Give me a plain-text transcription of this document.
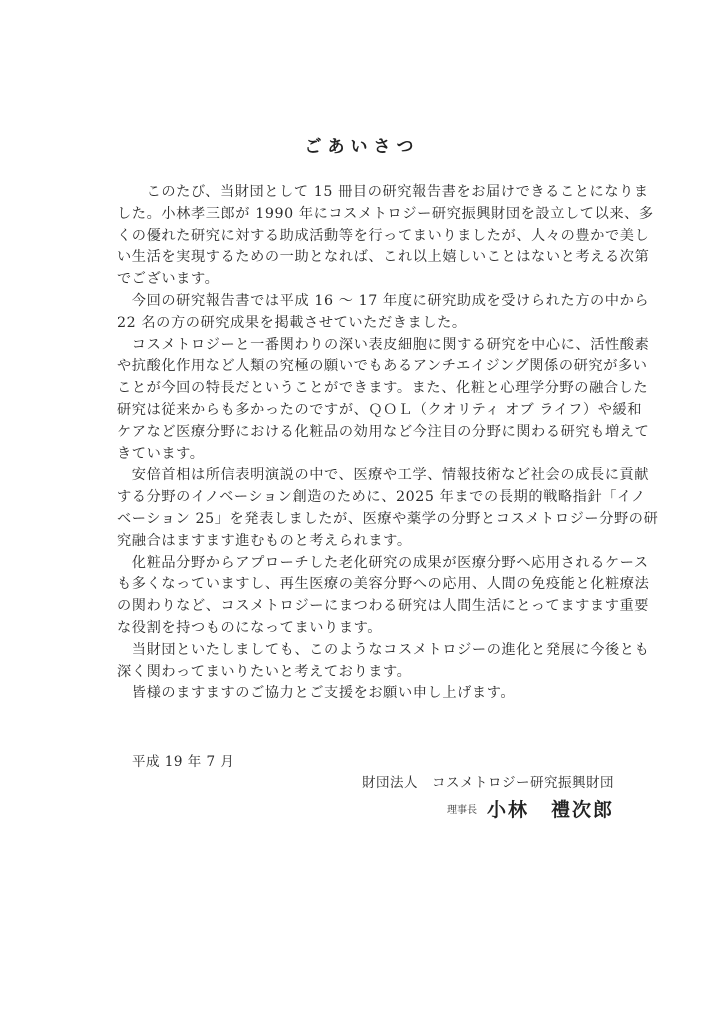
ごあいさつ
　　このたび、当財団として 15 冊目の研究報告書をお届けできることになりま
した。小林孝三郎が 1990 年にコスメトロジー研究振興財団を設立して以来、多
くの優れた研究に対する助成活動等を行ってまいりましたが、人々の豊かで美し
い生活を実現するための一助となれば、これ以上嬉しいことはないと考える次第
でございます。
　今回の研究報告書では平成 16 〜 17 年度に研究助成を受けられた方の中から
22 名の方の研究成果を掲載させていただきました。
　コスメトロジーと一番関わりの深い表皮細胞に関する研究を中心に、活性酸素
や抗酸化作用など人類の究極の願いでもあるアンチエイジング関係の研究が多い
ことが今回の特長だということができます。また、化粧と心理学分野の融合した
研究は従来からも多かったのですが、ＱＯＬ（クオリティ オブ ライフ）や緩和
ケアなど医療分野における化粧品の効用など今注目の分野に関わる研究も増えて
きています。
　安倍首相は所信表明演説の中で、医療や工学、情報技術など社会の成長に貢献
する分野のイノベーション創造のために、2025 年までの長期的戦略指針「イノ
ベーション 25」を発表しましたが、医療や薬学の分野とコスメトロジー分野の研
究融合はますます進むものと考えられます。
　化粧品分野からアプローチした老化研究の成果が医療分野へ応用されるケース
も多くなっていますし、再生医療の美容分野への応用、人間の免疫能と化粧療法
の関わりなど、コスメトロジーにまつわる研究は人間生活にとってますます重要
な役割を持つものになってまいります。
　当財団といたしましても、このようなコスメトロジーの進化と発展に今後とも
深く関わってまいりたいと考えております。
　皆様のますますのご協力とご支援をお願い申し上げます。
平成 19 年 7 月
財団法人　コスメトロジー研究振興財団
理事長 小林 禮次郎
